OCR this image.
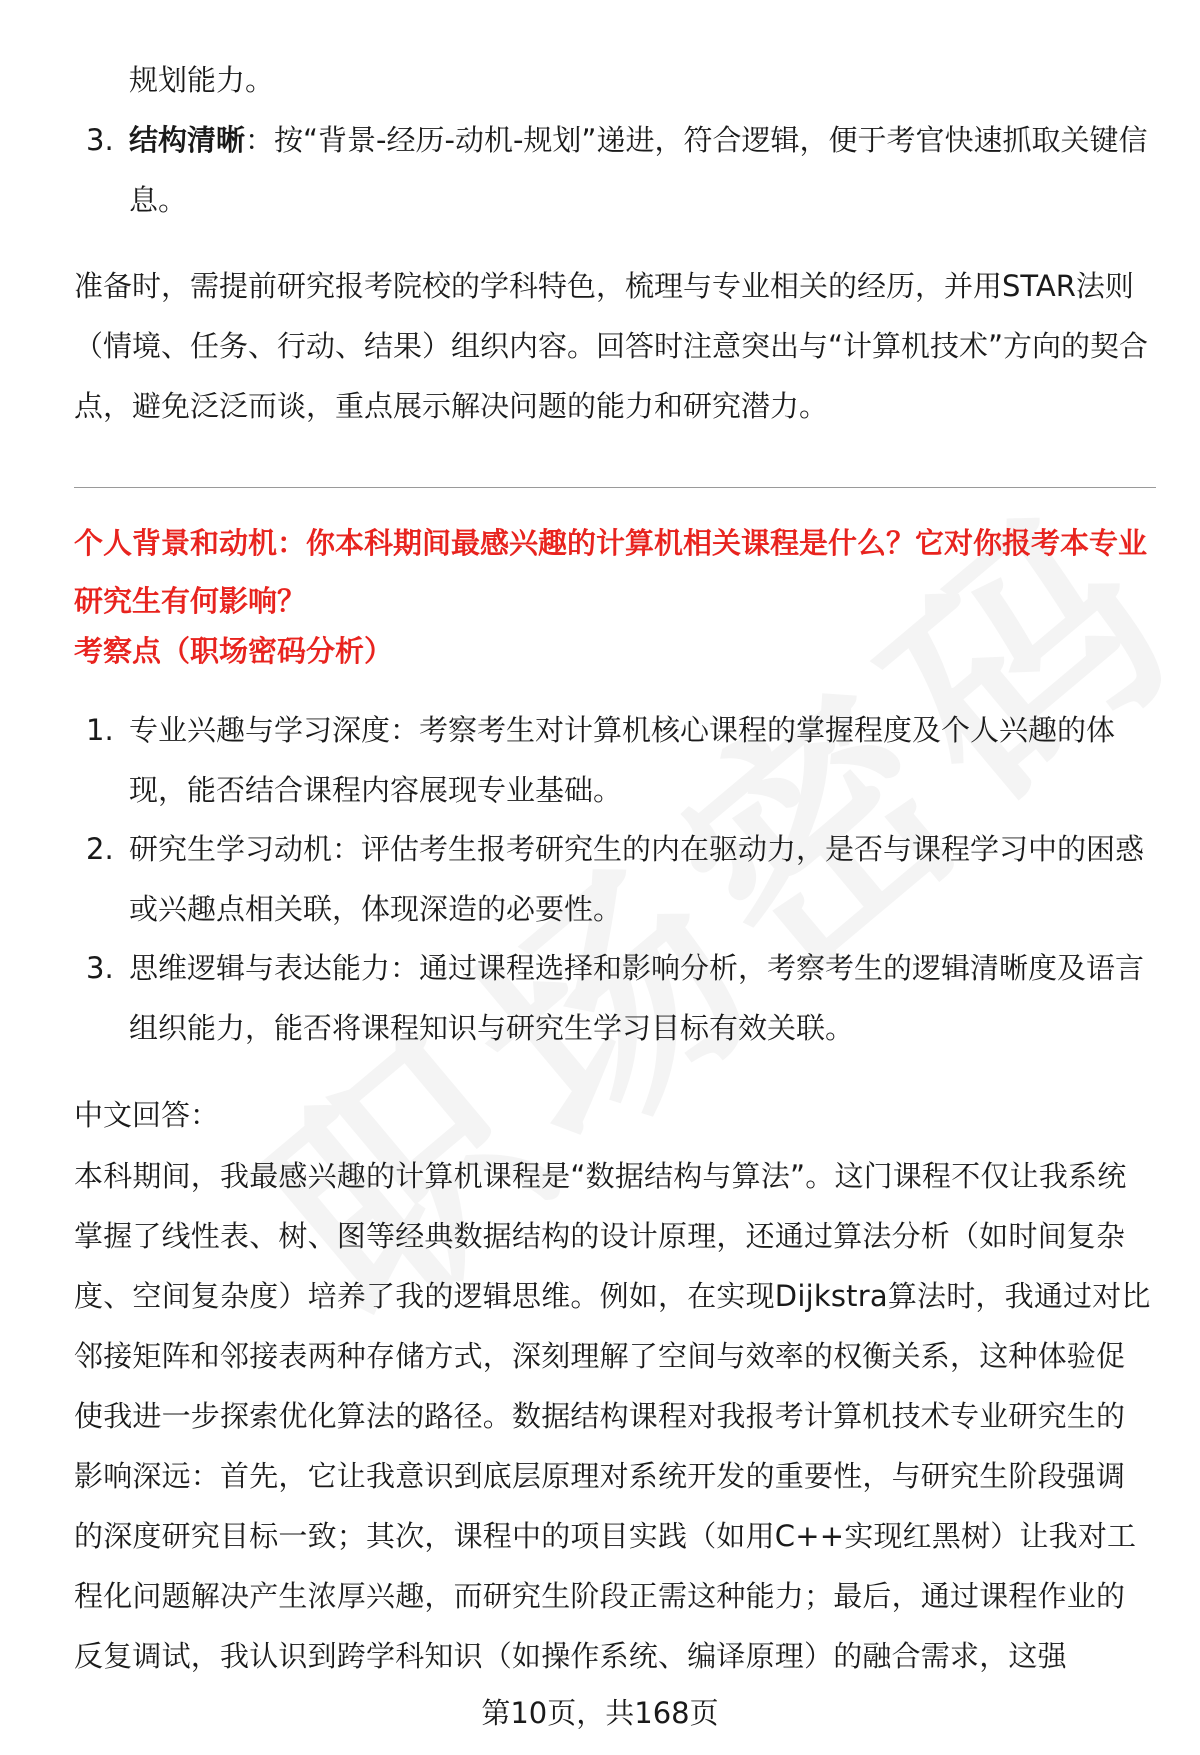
规划能力。
3. 结构清晰：按“背景-经历-动机-规划”递进，符合逻辑，便于考官快速抓取关键信息。
准备时，需提前研究报考院校的学科特色，梳理与专业相关的经历，并用STAR法则（情境、任务、行动、结果）组织内容。回答时注意突出与“计算机技术”方向的契合点，避免泛泛而谈，重点展示解决问题的能力和研究潜力。
个人背景和动机：你本科期间最感兴趣的计算机相关课程是什么？它对你报考本专业研究生有何影响？
考察点（职场密码分析）
1. 专业兴趣与学习深度：考察考生对计算机核心课程的掌握程度及个人兴趣的体现，能否结合课程内容展现专业基础。
2. 研究生学习动机：评估考生报考研究生的内在驱动力，是否与课程学习中的困惑或兴趣点相关联，体现深造的必要性。
3. 思维逻辑与表达能力：通过课程选择和影响分析，考察考生的逻辑清晰度及语言组织能力，能否将课程知识与研究生学习目标有效关联。
中文回答：
本科期间，我最感兴趣的计算机课程是“数据结构与算法”。这门课程不仅让我系统掌握了线性表、树、图等经典数据结构的设计原理，还通过算法分析（如时间复杂度、空间复杂度）培养了我的逻辑思维。例如，在实现Dijkstra算法时，我通过对比邻接矩阵和邻接表两种存储方式，深刻理解了空间与效率的权衡关系，这种体验促使我进一步探索优化算法的路径。数据结构课程对我报考计算机技术专业研究生的影响深远：首先，它让我意识到底层原理对系统开发的重要性，与研究生阶段强调的深度研究目标一致；其次，课程中的项目实践（如用C++实现红黑树）让我对工程化问题解决产生浓厚兴趣，而研究生阶段正需这种能力；最后，通过课程作业的反复调试，我认识到跨学科知识（如操作系统、编译原理）的融合需求，这强
第10页，共168页
